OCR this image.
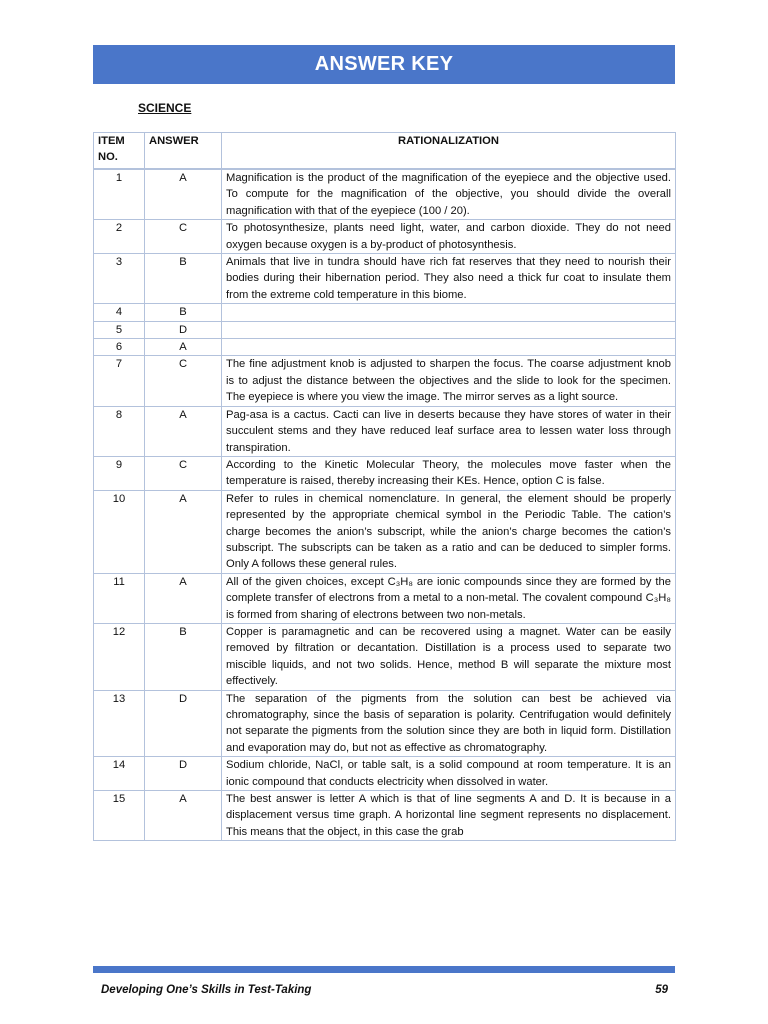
ANSWER KEY
SCIENCE
ITEM NO.	ANSWER	RATIONALIZATION
1	A	Magnification is the product of the magnification of the eyepiece and the objective used. To compute for the magnification of the objective, you should divide the overall magnification with that of the eyepiece (100 / 20).
2	C	To photosynthesize, plants need light, water, and carbon dioxide. They do not need oxygen because oxygen is a by-product of photosynthesis.
3	B	Animals that live in tundra should have rich fat reserves that they need to nourish their bodies during their hibernation period. They also need a thick fur coat to insulate them from the extreme cold temperature in this biome.
4	B	
5	D	
6	A	
7	C	The fine adjustment knob is adjusted to sharpen the focus. The coarse adjustment knob is to adjust the distance between the objectives and the slide to look for the specimen. The eyepiece is where you view the image. The mirror serves as a light source.
8	A	Pag-asa is a cactus. Cacti can live in deserts because they have stores of water in their succulent stems and they have reduced leaf surface area to lessen water loss through transpiration.
9	C	According to the Kinetic Molecular Theory, the molecules move faster when the temperature is raised, thereby increasing their KEs. Hence, option C is false.
10	A	Refer to rules in chemical nomenclature. In general, the element should be properly represented by the appropriate chemical symbol in the Periodic Table. The cation’s charge becomes the anion’s subscript, while the anion’s charge becomes the cation’s subscript. The subscripts can be taken as a ratio and can be deduced to simpler forms. Only A follows these general rules.
11	A	All of the given choices, except C₃H₈ are ionic compounds since they are formed by the complete transfer of electrons from a metal to a non-metal. The covalent compound C₃H₈ is formed from sharing of electrons between two non-metals.
12	B	Copper is paramagnetic and can be recovered using a magnet. Water can be easily removed by filtration or decantation. Distillation is a process used to separate two miscible liquids, and not two solids. Hence, method B will separate the mixture most effectively.
13	D	The separation of the pigments from the solution can best be achieved via chromatography, since the basis of separation is polarity. Centrifugation would definitely not separate the pigments from the solution since they are both in liquid form. Distillation and evaporation may do, but not as effective as chromatography.
14	D	Sodium chloride, NaCl, or table salt, is a solid compound at room temperature. It is an ionic compound that conducts electricity when dissolved in water.
15	A	The best answer is letter A which is that of line segments A and D. It is because in a displacement versus time graph. A horizontal line segment represents no displacement. This means that the object, in this case the grab
Developing One’s Skills in Test-Taking	59
